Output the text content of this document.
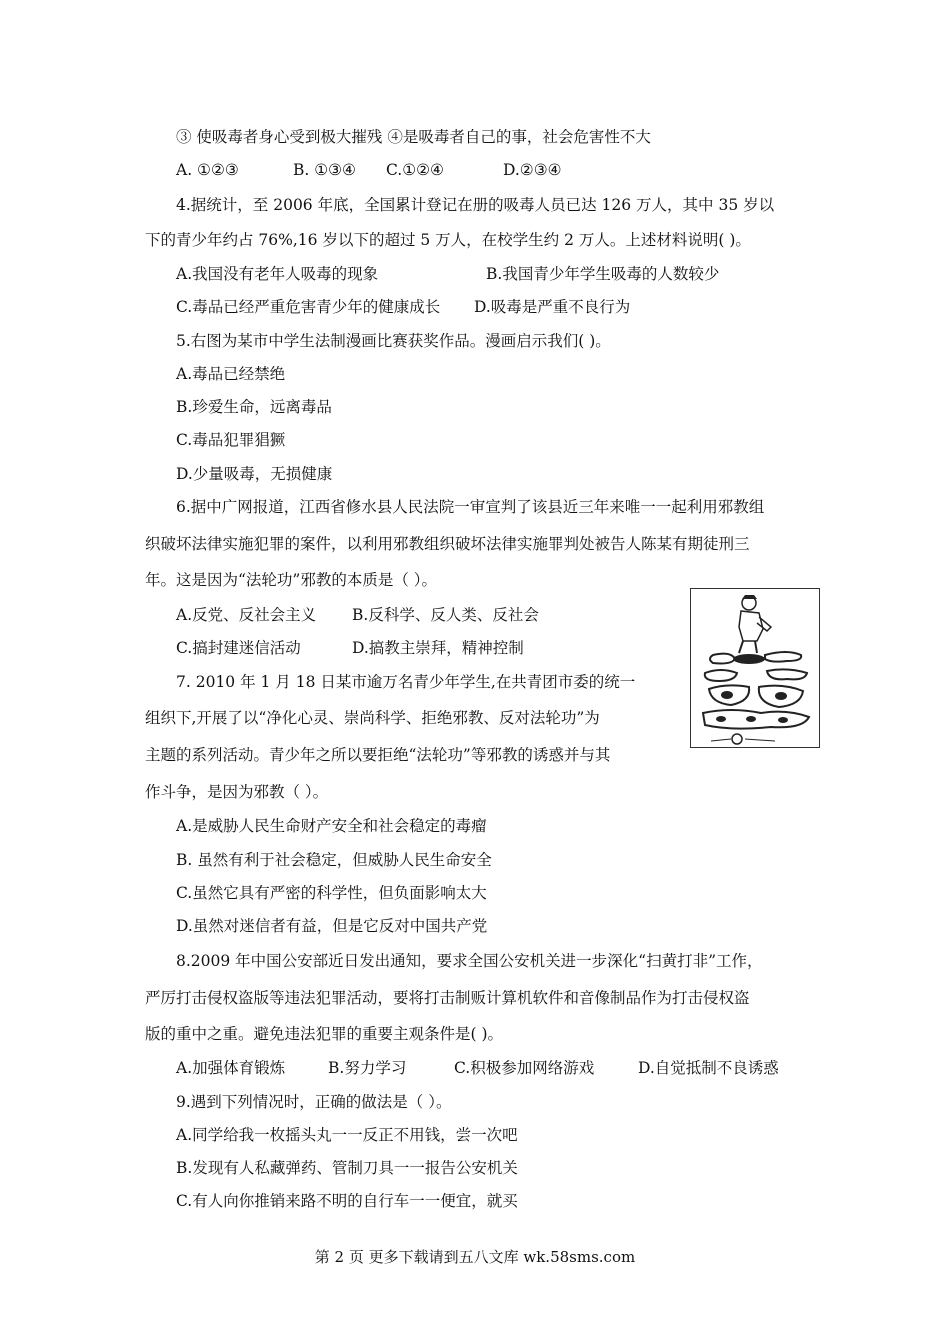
③ 使吸毒者身心受到极大摧残 ④是吸毒者自己的事，社会危害性不大
A. ①②③	B. ①③④ C.①②④	D.②③④
4.据统计，至 2006 年底，全国累计登记在册的吸毒人员已达 126 万人，其中 35 岁以
下的青少年约占 76%,16 岁以下的超过 5 万人，在校学生约 2 万人。上述材料说明( )。
A.我国没有老年人吸毒的现象	B.我国青少年学生吸毒的人数较少
C.毒品已经严重危害青少年的健康成长 D.吸毒是严重不良行为
5.右图为某市中学生法制漫画比赛获奖作品。漫画启示我们( )。
A.毒品已经禁绝
B.珍爱生命，远离毒品
C.毒品犯罪猖獗
D.少量吸毒，无损健康
6.据中广网报道，江西省修水县人民法院一审宣判了该县近三年来唯一一起利用邪教组
织破坏法律实施犯罪的案件，以利用邪教组织破坏法律实施罪判处被告人陈某有期徒刑三
年。这是因为“法轮功”邪教的本质是（ ）。
A.反党、反社会主义 B.反科学、反人类、反社会
C.搞封建迷信活动	D.搞教主崇拜，精神控制
7. 2010 年 1 月 18 日某市逾万名青少年学生,在共青团市委的统一
组织下,开展了以“净化心灵、崇尚科学、拒绝邪教、反对法轮功”为
主题的系列活动。青少年之所以要拒绝“法轮功”等邪教的诱惑并与其
作斗争，是因为邪教（ ）。
A.是威胁人民生命财产安全和社会稳定的毒瘤
B. 虽然有利于社会稳定，但威胁人民生命安全
C.虽然它具有严密的科学性，但负面影响太大
D.虽然对迷信者有益，但是它反对中国共产党
8.2009 年中国公安部近日发出通知，要求全国公安机关进一步深化“扫黄打非”工作，
严厉打击侵权盗版等违法犯罪活动，要将打击制贩计算机软件和音像制品作为打击侵权盗
版的重中之重。避免违法犯罪的重要主观条件是( )。
A.加强体育锻炼	B.努力学习	C.积极参加网络游戏	D.自觉抵制不良诱惑
9.遇到下列情况时，正确的做法是（ ）。
A.同学给我一枚摇头丸一一反正不用钱，尝一次吧
B.发现有人私藏弹药、管制刀具一一报告公安机关
C.有人向你推销来路不明的自行车一一便宜，就买
第 2 页 更多下载请到五八文库 wk.58sms.com
